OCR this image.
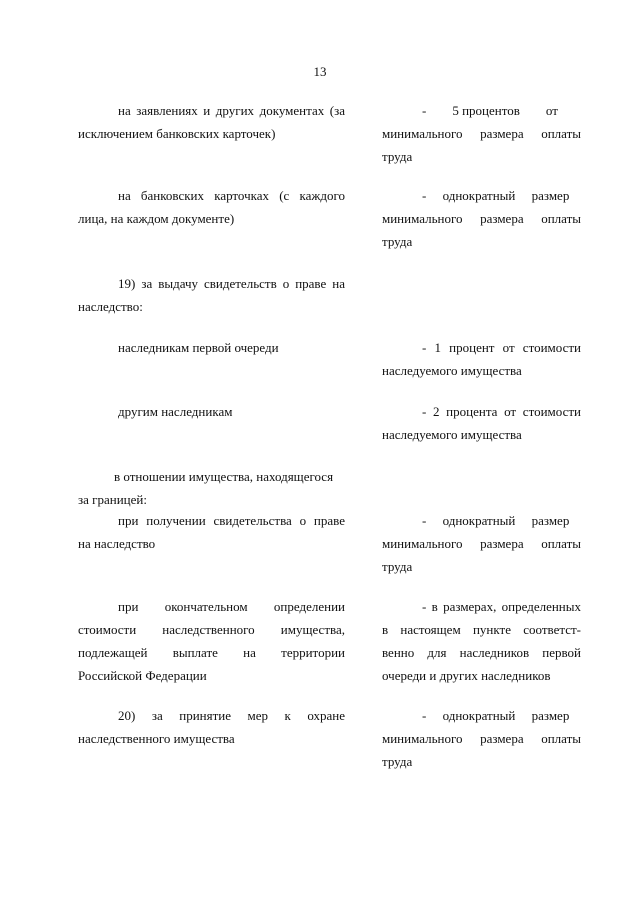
13
на заявлениях и других документах (за
исключением банковских карточек)
-        5 процентов        от
минимального размера оплаты
труда
на банковских карточках (с каждого
лица, на каждом документе)
-     однократный     размер
минимального размера оплаты
труда
19) за выдачу свидетельств о праве на
наследство:
наследникам первой очереди	- 1 процент от стоимости
наследуемого имущества
другим наследникам	- 2 процента от стоимости
наследуемого имущества
в отношении имущества, находящегося
за границей:
при получении свидетельства о праве
на наследство
-     однократный     размер
минимального размера оплаты
труда
при окончательном определении
стоимости наследственного имущества,
подлежащей выплате на территории
Российской Федерации
- в размерах, определенных
в настоящем пункте соответст-
венно для наследников первой
очереди и других наследников
20) за принятие мер к охране
наследственного имущества
-     однократный     размер
минимального размера оплаты
труда
